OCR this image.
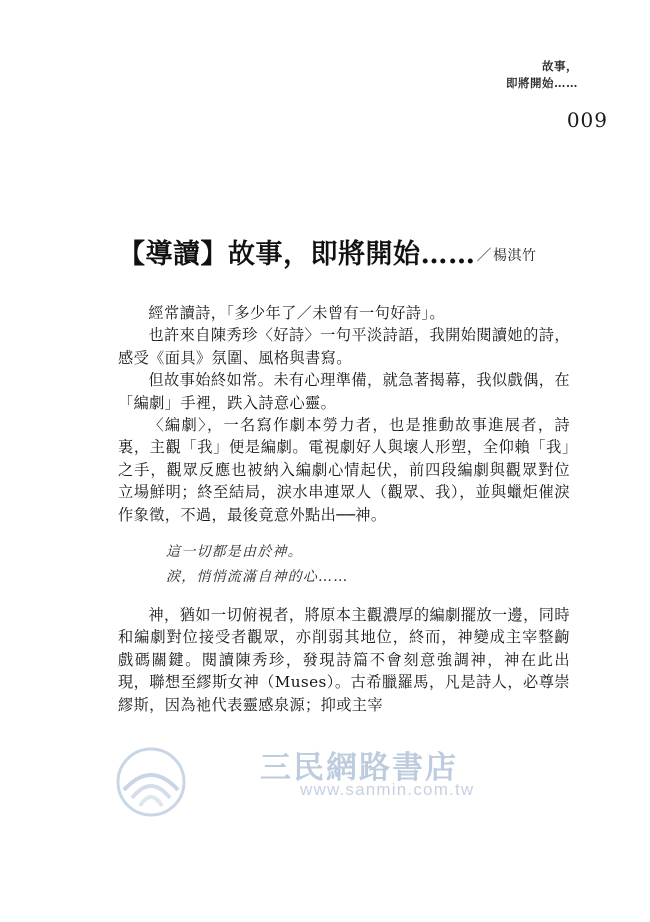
三民網路書店
www.sanmin.com.tw
故事，
即將開始……
009
【導讀】故事，即將開始……／楊淇竹

經常讀詩，「多少年了／未曾有一句好詩」。

也許來自陳秀珍〈好詩〉一句平淡詩語，我開始閱讀她的詩，感受《面具》氛圍、風格與書寫。

但故事始終如常。未有心理準備，就急著揭幕，我似戲偶，在「編劇」手裡，跌入詩意心靈。

〈編劇〉，一名寫作劇本勞力者，也是推動故事進展者，詩裏，主觀「我」便是編劇。電視劇好人與壞人形塑，全仰賴「我」之手，觀眾反應也被納入編劇心情起伏，前四段編劇與觀眾對位立場鮮明；終至結局，淚水串連眾人（觀眾、我），並與蠟炬催淚作象徵，不過，最後竟意外點出──神。

這一切都是由於神。

淚，悄悄流滿自神的心……

神，猶如一切俯視者，將原本主觀濃厚的編劇擺放一邊，同時和編劇對位接受者觀眾，亦削弱其地位，終而，神變成主宰整齣戲碼關鍵。閱讀陳秀珍，發現詩篇不會刻意強調神，神在此出現，聯想至繆斯女神（Muses）。古希臘羅馬，凡是詩人，必尊崇繆斯，因為祂代表靈感泉源；抑或主宰
